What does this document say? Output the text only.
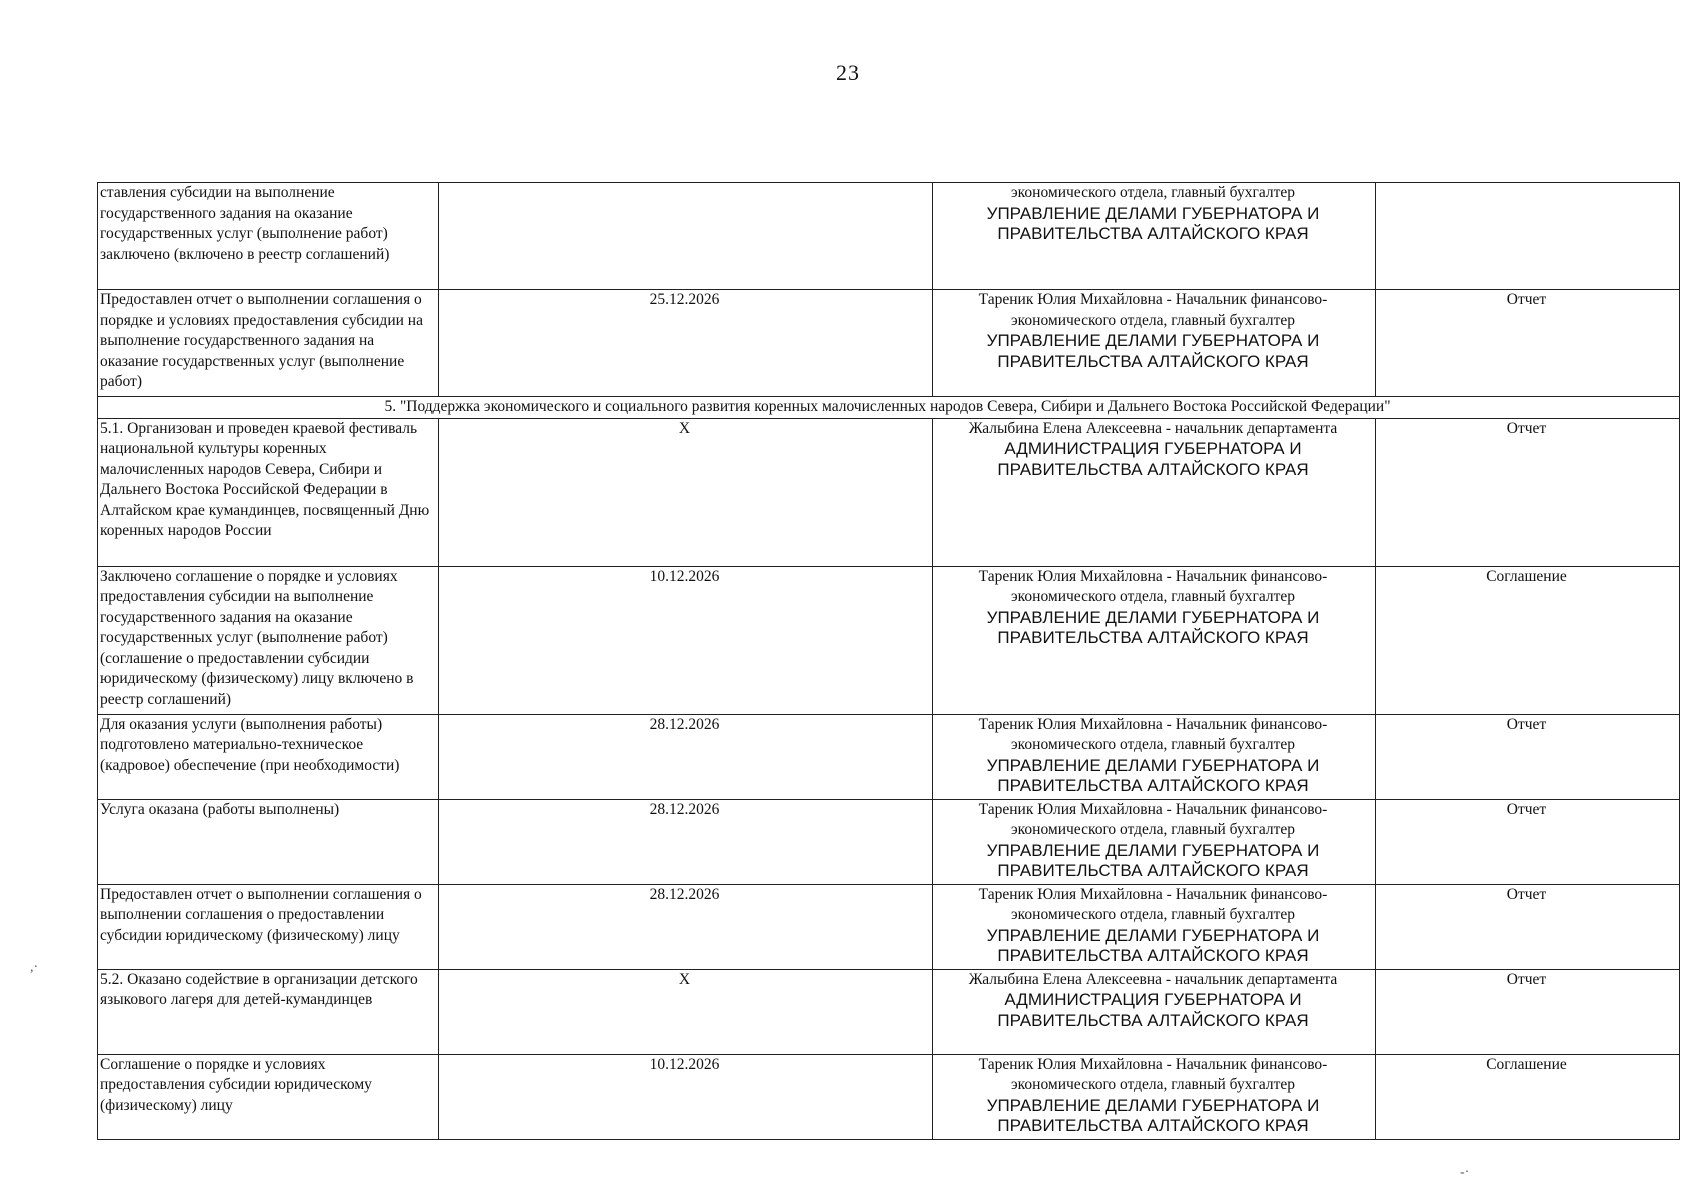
23
ставления субсидии на выполнение государственного задания на оказание государственных услуг (выполнение работ) заключено (включено в реестр соглашений)		экономического отдела, главный бухгалтер
УПРАВЛЕНИЕ ДЕЛАМИ ГУБЕРНАТОРА И ПРАВИТЕЛЬСТВА АЛТАЙСКОГО КРАЯ	

Предоставлен отчет о выполнении соглашения о порядке и условиях предоставления субсидии на выполнение государственного задания на оказание государственных услуг (выполнение работ)	25.12.2026	Тареник Юлия Михайловна - Начальник финансово-экономического отдела, главный бухгалтер
УПРАВЛЕНИЕ ДЕЛАМИ ГУБЕРНАТОРА И ПРАВИТЕЛЬСТВА АЛТАЙСКОГО КРАЯ	Отчет
5. "Поддержка экономического и социального развития коренных малочисленных народов Севера, Сибири и Дальнего Востока Российской Федерации"			
5.1. Организован и проведен краевой фестиваль национальной культуры коренных малочисленных народов Севера, Сибири и Дальнего Востока Российской Федерации в Алтайском крае кумандинцев, посвященный Дню коренных народов России	X	Жалыбина Елена Алексеевна - начальник департамента
АДМИНИСТРАЦИЯ ГУБЕРНАТОРА И ПРАВИТЕЛЬСТВА АЛТАЙСКОГО КРАЯ	Отчет
Заключено соглашение о порядке и условиях предоставления субсидии на выполнение государственного задания на оказание государственных услуг (выполнение работ) (соглашение о предоставлении субсидии юридическому (физическому) лицу включено в реестр соглашений)	10.12.2026	Тареник Юлия Михайловна - Начальник финансово-экономического отдела, главный бухгалтер
УПРАВЛЕНИЕ ДЕЛАМИ ГУБЕРНАТОРА И ПРАВИТЕЛЬСТВА АЛТАЙСКОГО КРАЯ	Соглашение
Для оказания услуги (выполнения работы) подготовлено материально-техническое (кадровое) обеспечение (при необходимости)	28.12.2026	Тареник Юлия Михайловна - Начальник финансово-экономического отдела, главный бухгалтер
УПРАВЛЕНИЕ ДЕЛАМИ ГУБЕРНАТОРА И ПРАВИТЕЛЬСТВА АЛТАЙСКОГО КРАЯ	Отчет
Услуга оказана (работы выполнены)	28.12.2026	Тареник Юлия Михайловна - Начальник финансово-экономического отдела, главный бухгалтер
УПРАВЛЕНИЕ ДЕЛАМИ ГУБЕРНАТОРА И ПРАВИТЕЛЬСТВА АЛТАЙСКОГО КРАЯ	Отчет
Предоставлен отчет о выполнении соглашения о выполнении соглашения о предоставлении субсидии юридическому (физическому) лицу	28.12.2026	Тареник Юлия Михайловна - Начальник финансово-экономического отдела, главный бухгалтер
УПРАВЛЕНИЕ ДЕЛАМИ ГУБЕРНАТОРА И ПРАВИТЕЛЬСТВА АЛТАЙСКОГО КРАЯ	Отчет
5.2. Оказано содействие в организации детского языкового лагеря для детей-кумандинцев	X	Жалыбина Елена Алексеевна - начальник департамента
АДМИНИСТРАЦИЯ ГУБЕРНАТОРА И ПРАВИТЕЛЬСТВА АЛТАЙСКОГО КРАЯ	Отчет
Соглашение о порядке и условиях предоставления субсидии юридическому (физическому) лицу	10.12.2026	Тареник Юлия Михайловна - Начальник финансово-экономического отдела, главный бухгалтер
УПРАВЛЕНИЕ ДЕЛАМИ ГУБЕРНАТОРА И ПРАВИТЕЛЬСТВА АЛТАЙСКОГО КРАЯ	Соглашение
,·
-·
